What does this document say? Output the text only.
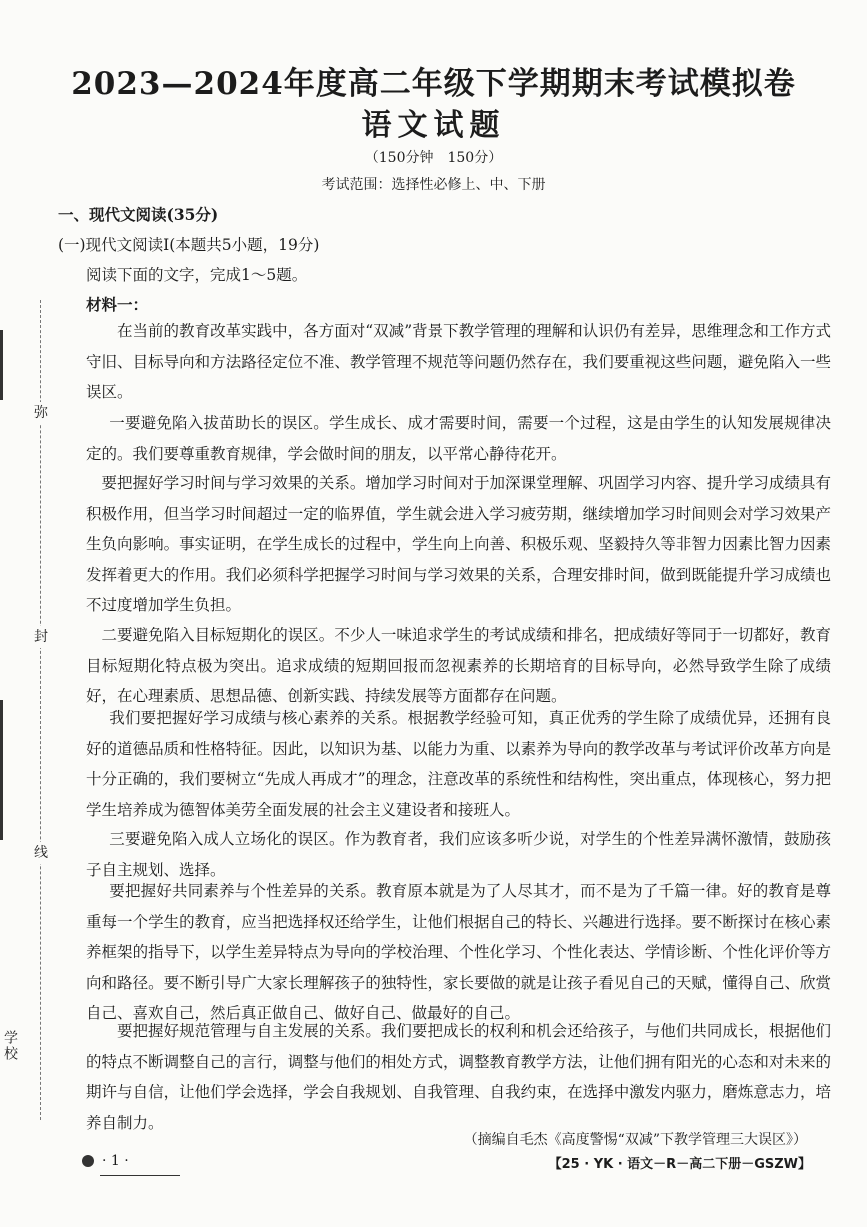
弥
封
线
学校
2023—2024年度高二年级下学期期末考试模拟卷
语文试题
（150分钟　150分）
考试范围：选择性必修上、中、下册
一、现代文阅读(35分)
(一)现代文阅读Ⅰ(本题共5小题，19分)
阅读下面的文字，完成1～5题。
材料一：

在当前的教育改革实践中，各方面对“双减”背景下教学管理的理解和认识仍有差异，思维理念和工作方式守旧、目标导向和方法路径定位不准、教学管理不规范等问题仍然存在，我们要重视这些问题，避免陷入一些误区。

一要避免陷入拔苗助长的误区。学生成长、成才需要时间，需要一个过程，这是由学生的认知发展规律决定的。我们要尊重教育规律，学会做时间的朋友，以平常心静待花开。

要把握好学习时间与学习效果的关系。增加学习时间对于加深课堂理解、巩固学习内容、提升学习成绩具有积极作用，但当学习时间超过一定的临界值，学生就会进入学习疲劳期，继续增加学习时间则会对学习效果产生负向影响。事实证明，在学生成长的过程中，学生向上向善、积极乐观、坚毅持久等非智力因素比智力因素发挥着更大的作用。我们必须科学把握学习时间与学习效果的关系，合理安排时间，做到既能提升学习成绩也不过度增加学生负担。

二要避免陷入目标短期化的误区。不少人一味追求学生的考试成绩和排名，把成绩好等同于一切都好，教育目标短期化特点极为突出。追求成绩的短期回报而忽视素养的长期培育的目标导向，必然导致学生除了成绩好，在心理素质、思想品德、创新实践、持续发展等方面都存在问题。

我们要把握好学习成绩与核心素养的关系。根据教学经验可知，真正优秀的学生除了成绩优异，还拥有良好的道德品质和性格特征。因此，以知识为基、以能力为重、以素养为导向的教学改革与考试评价改革方向是十分正确的，我们要树立“先成人再成才”的理念，注意改革的系统性和结构性，突出重点，体现核心，努力把学生培养成为德智体美劳全面发展的社会主义建设者和接班人。

三要避免陷入成人立场化的误区。作为教育者，我们应该多听少说，对学生的个性差异满怀激情，鼓励孩子自主规划、选择。

要把握好共同素养与个性差异的关系。教育原本就是为了人尽其才，而不是为了千篇一律。好的教育是尊重每一个学生的教育，应当把选择权还给学生，让他们根据自己的特长、兴趣进行选择。要不断探讨在核心素养框架的指导下，以学生差异特点为导向的学校治理、个性化学习、个性化表达、学情诊断、个性化评价等方向和路径。要不断引导广大家长理解孩子的独特性，家长要做的就是让孩子看见自己的天赋，懂得自己、欣赏自己、喜欢自己，然后真正做自己、做好自己、做最好的自己。

要把握好规范管理与自主发展的关系。我们要把成长的权利和机会还给孩子，与他们共同成长，根据他们的特点不断调整自己的言行，调整与他们的相处方式，调整教育教学方法，让他们拥有阳光的心态和对未来的期许与自信，让他们学会选择，学会自我规划、自我管理、自我约束，在选择中激发内驱力，磨炼意志力，培养自制力。

（摘编自毛杰《高度警惕“双减”下教学管理三大误区》）
· 1 ·	【25 · YK · 语文－R－高二下册－GSZW】
